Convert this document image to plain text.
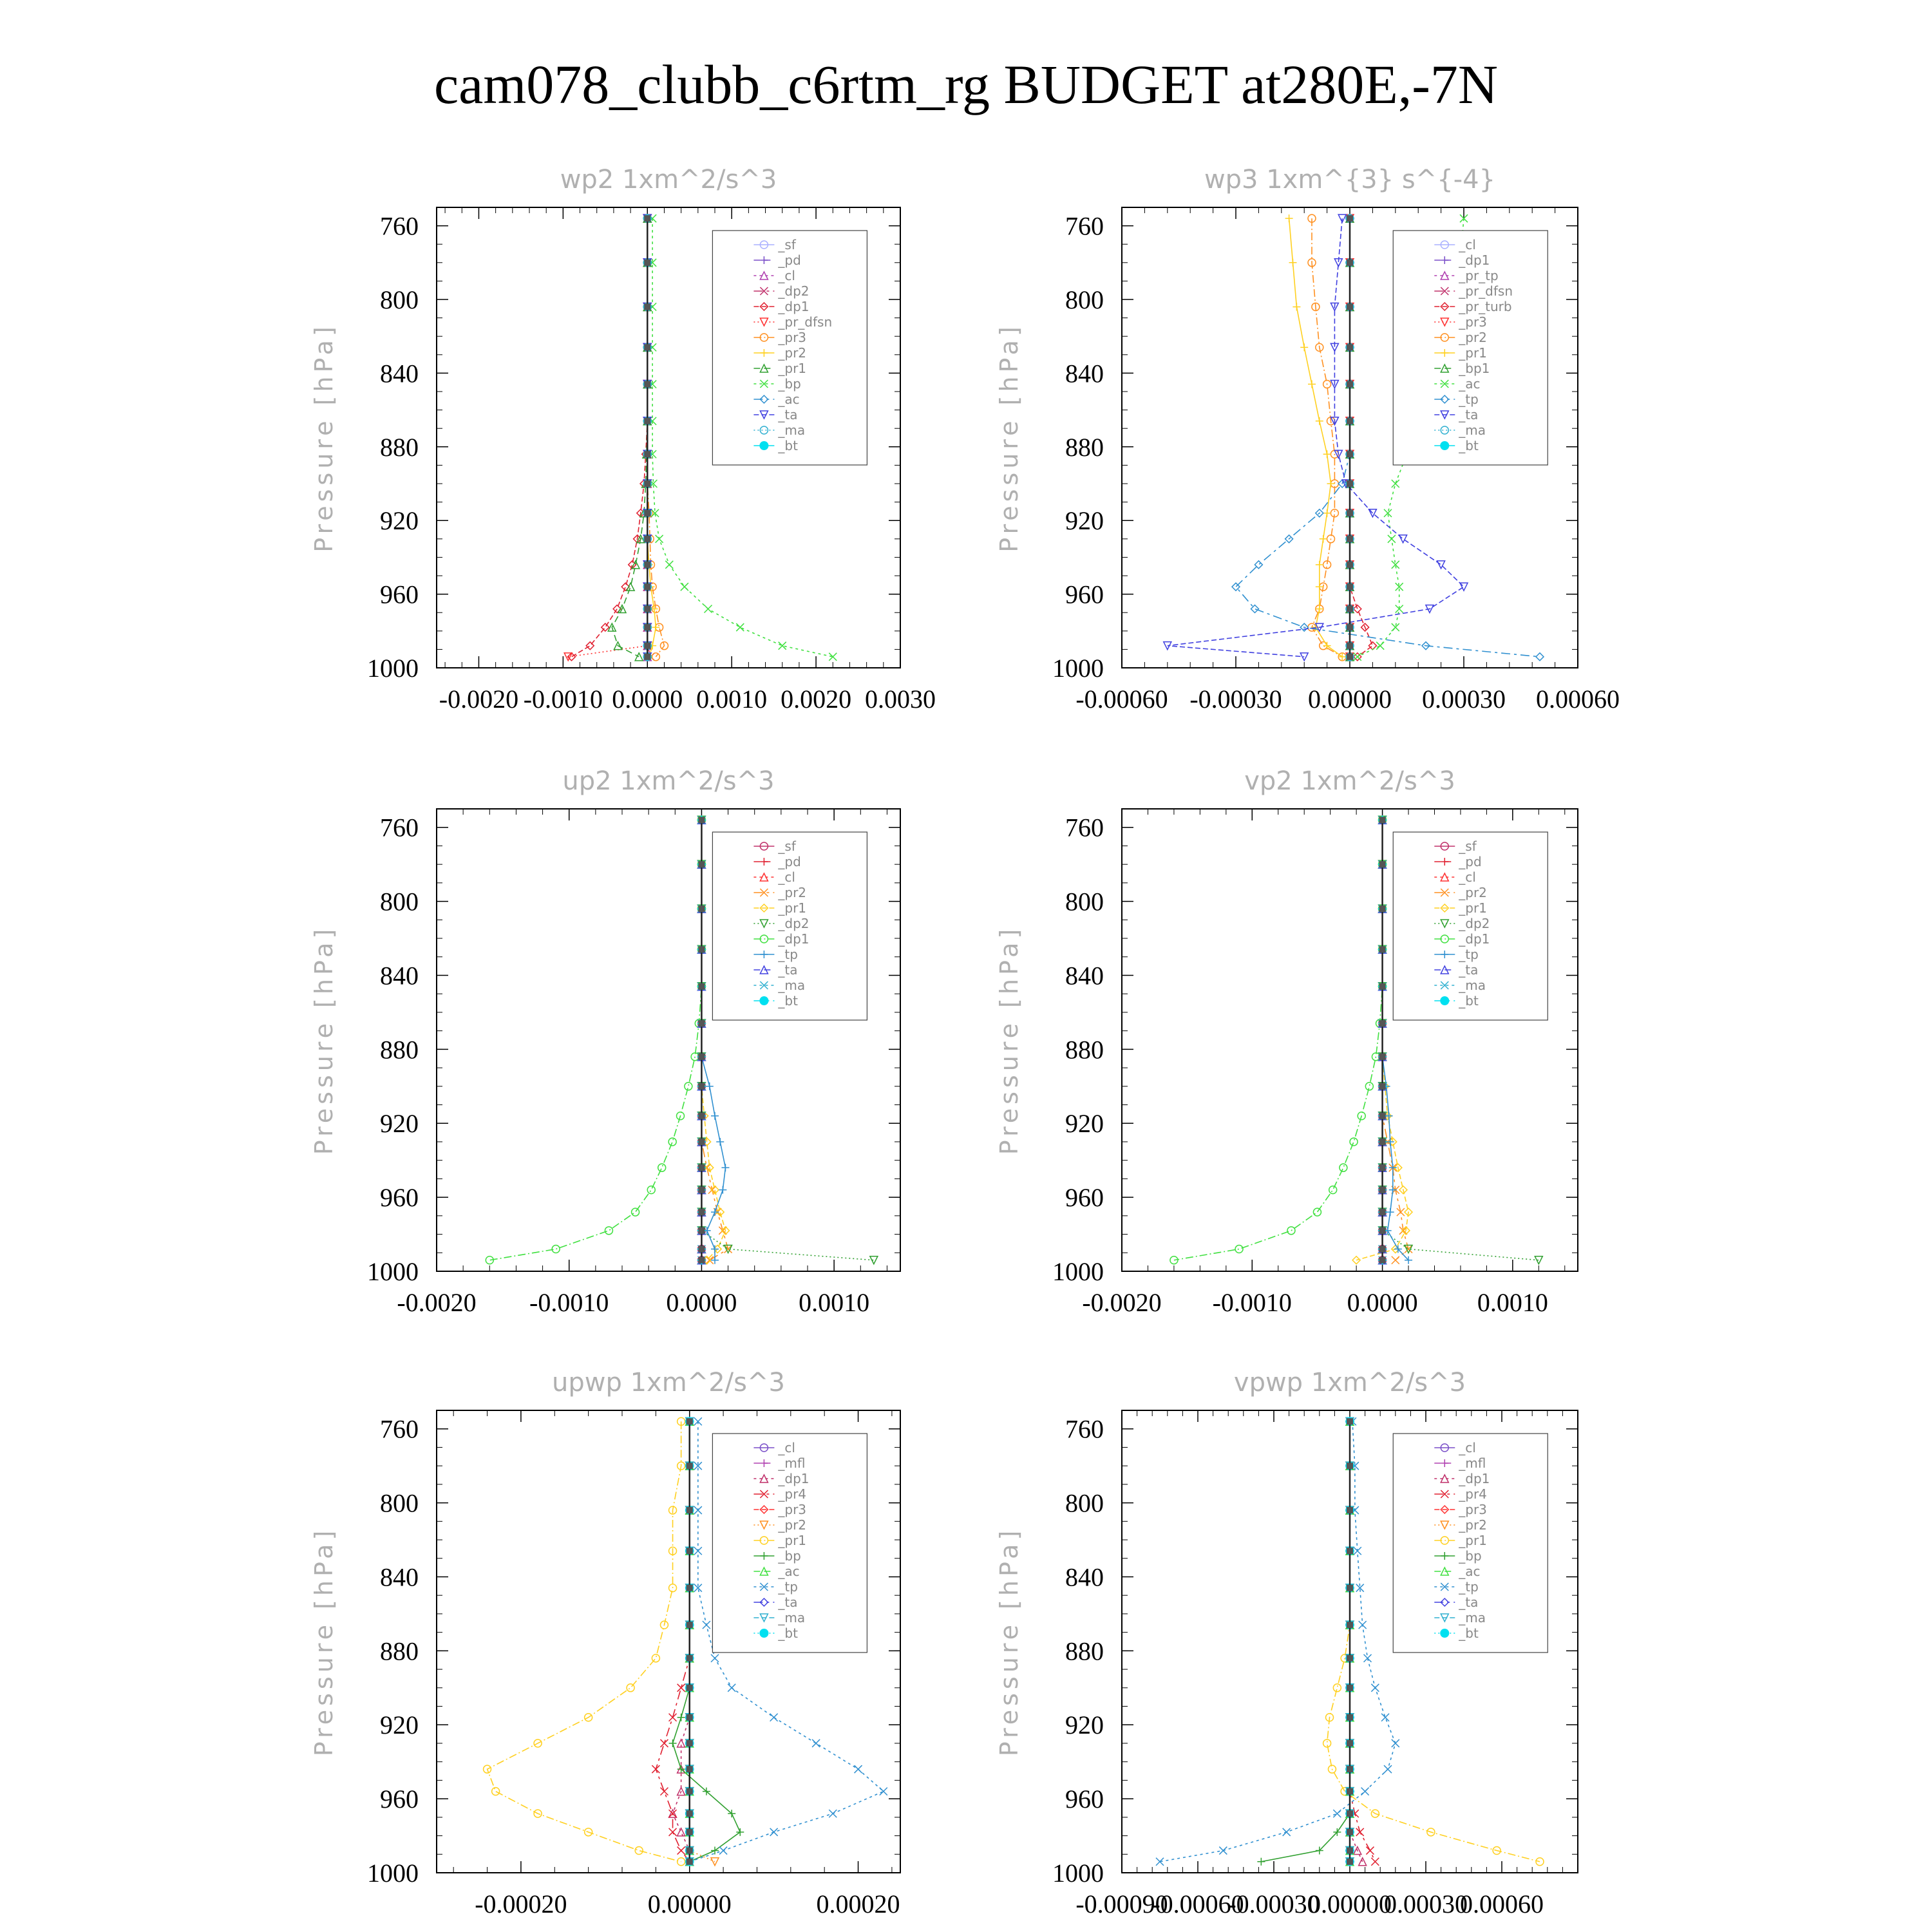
cam078_clubb_c6rtm_rg BUDGET at280E,-7N
wp2 1xm^2/s^3
Pressure [hPa]
760
800
840
880
920
960
1000
-0.0020 -0.0010 0.0000 0.0010 0.0020 0.0030
_sf
_pd
_cl
_dp2
_dp1
_pr_dfsn
_pr3
_pr2
_pr1
_bp
_ac
_ta
_ma
_bt
wp3 1xm^{3} s^{-4}
Pressure [hPa]
760
800
840
880
920
960
1000
-0.00060 -0.00030 0.00000 0.00030 0.00060
_cl
_dp1
_pr_tp
_pr_dfsn
_pr_turb
_pr3
_pr2
_pr1
_bp1
_ac
_tp
_ta
_ma
_bt
up2 1xm^2/s^3
Pressure [hPa]
760
800
840
880
920
960
1000
-0.0020 -0.0010 0.0000 0.0010
_sf
_pd
_cl
_pr2
_pr1
_dp2
_dp1
_tp
_ta
_ma
_bt
vp2 1xm^2/s^3
Pressure [hPa]
760
800
840
880
920
960
1000
-0.0020 -0.0010 0.0000 0.0010
_sf
_pd
_cl
_pr2
_pr1
_dp2
_dp1
_tp
_ta
_ma
_bt
upwp 1xm^2/s^3
Pressure [hPa]
760
800
840
880
920
960
1000
-0.00020	0.00000	0.00020
_cl
_mfl
_dp1
_pr4
_pr3
_pr2
_pr1
_bp
_ac
_tp
_ta
_ma
_bt
vpwp 1xm^2/s^3
Pressure [hPa]
760
800
840
880
920
960
1000
-0.00090
-0.00060
-0.00030
0.00000
0.00030
0.00060
_cl
_mfl
_dp1
_pr4
_pr3
_pr2
_pr1
_bp
_ac
_tp
_ta
_ma
_bt
